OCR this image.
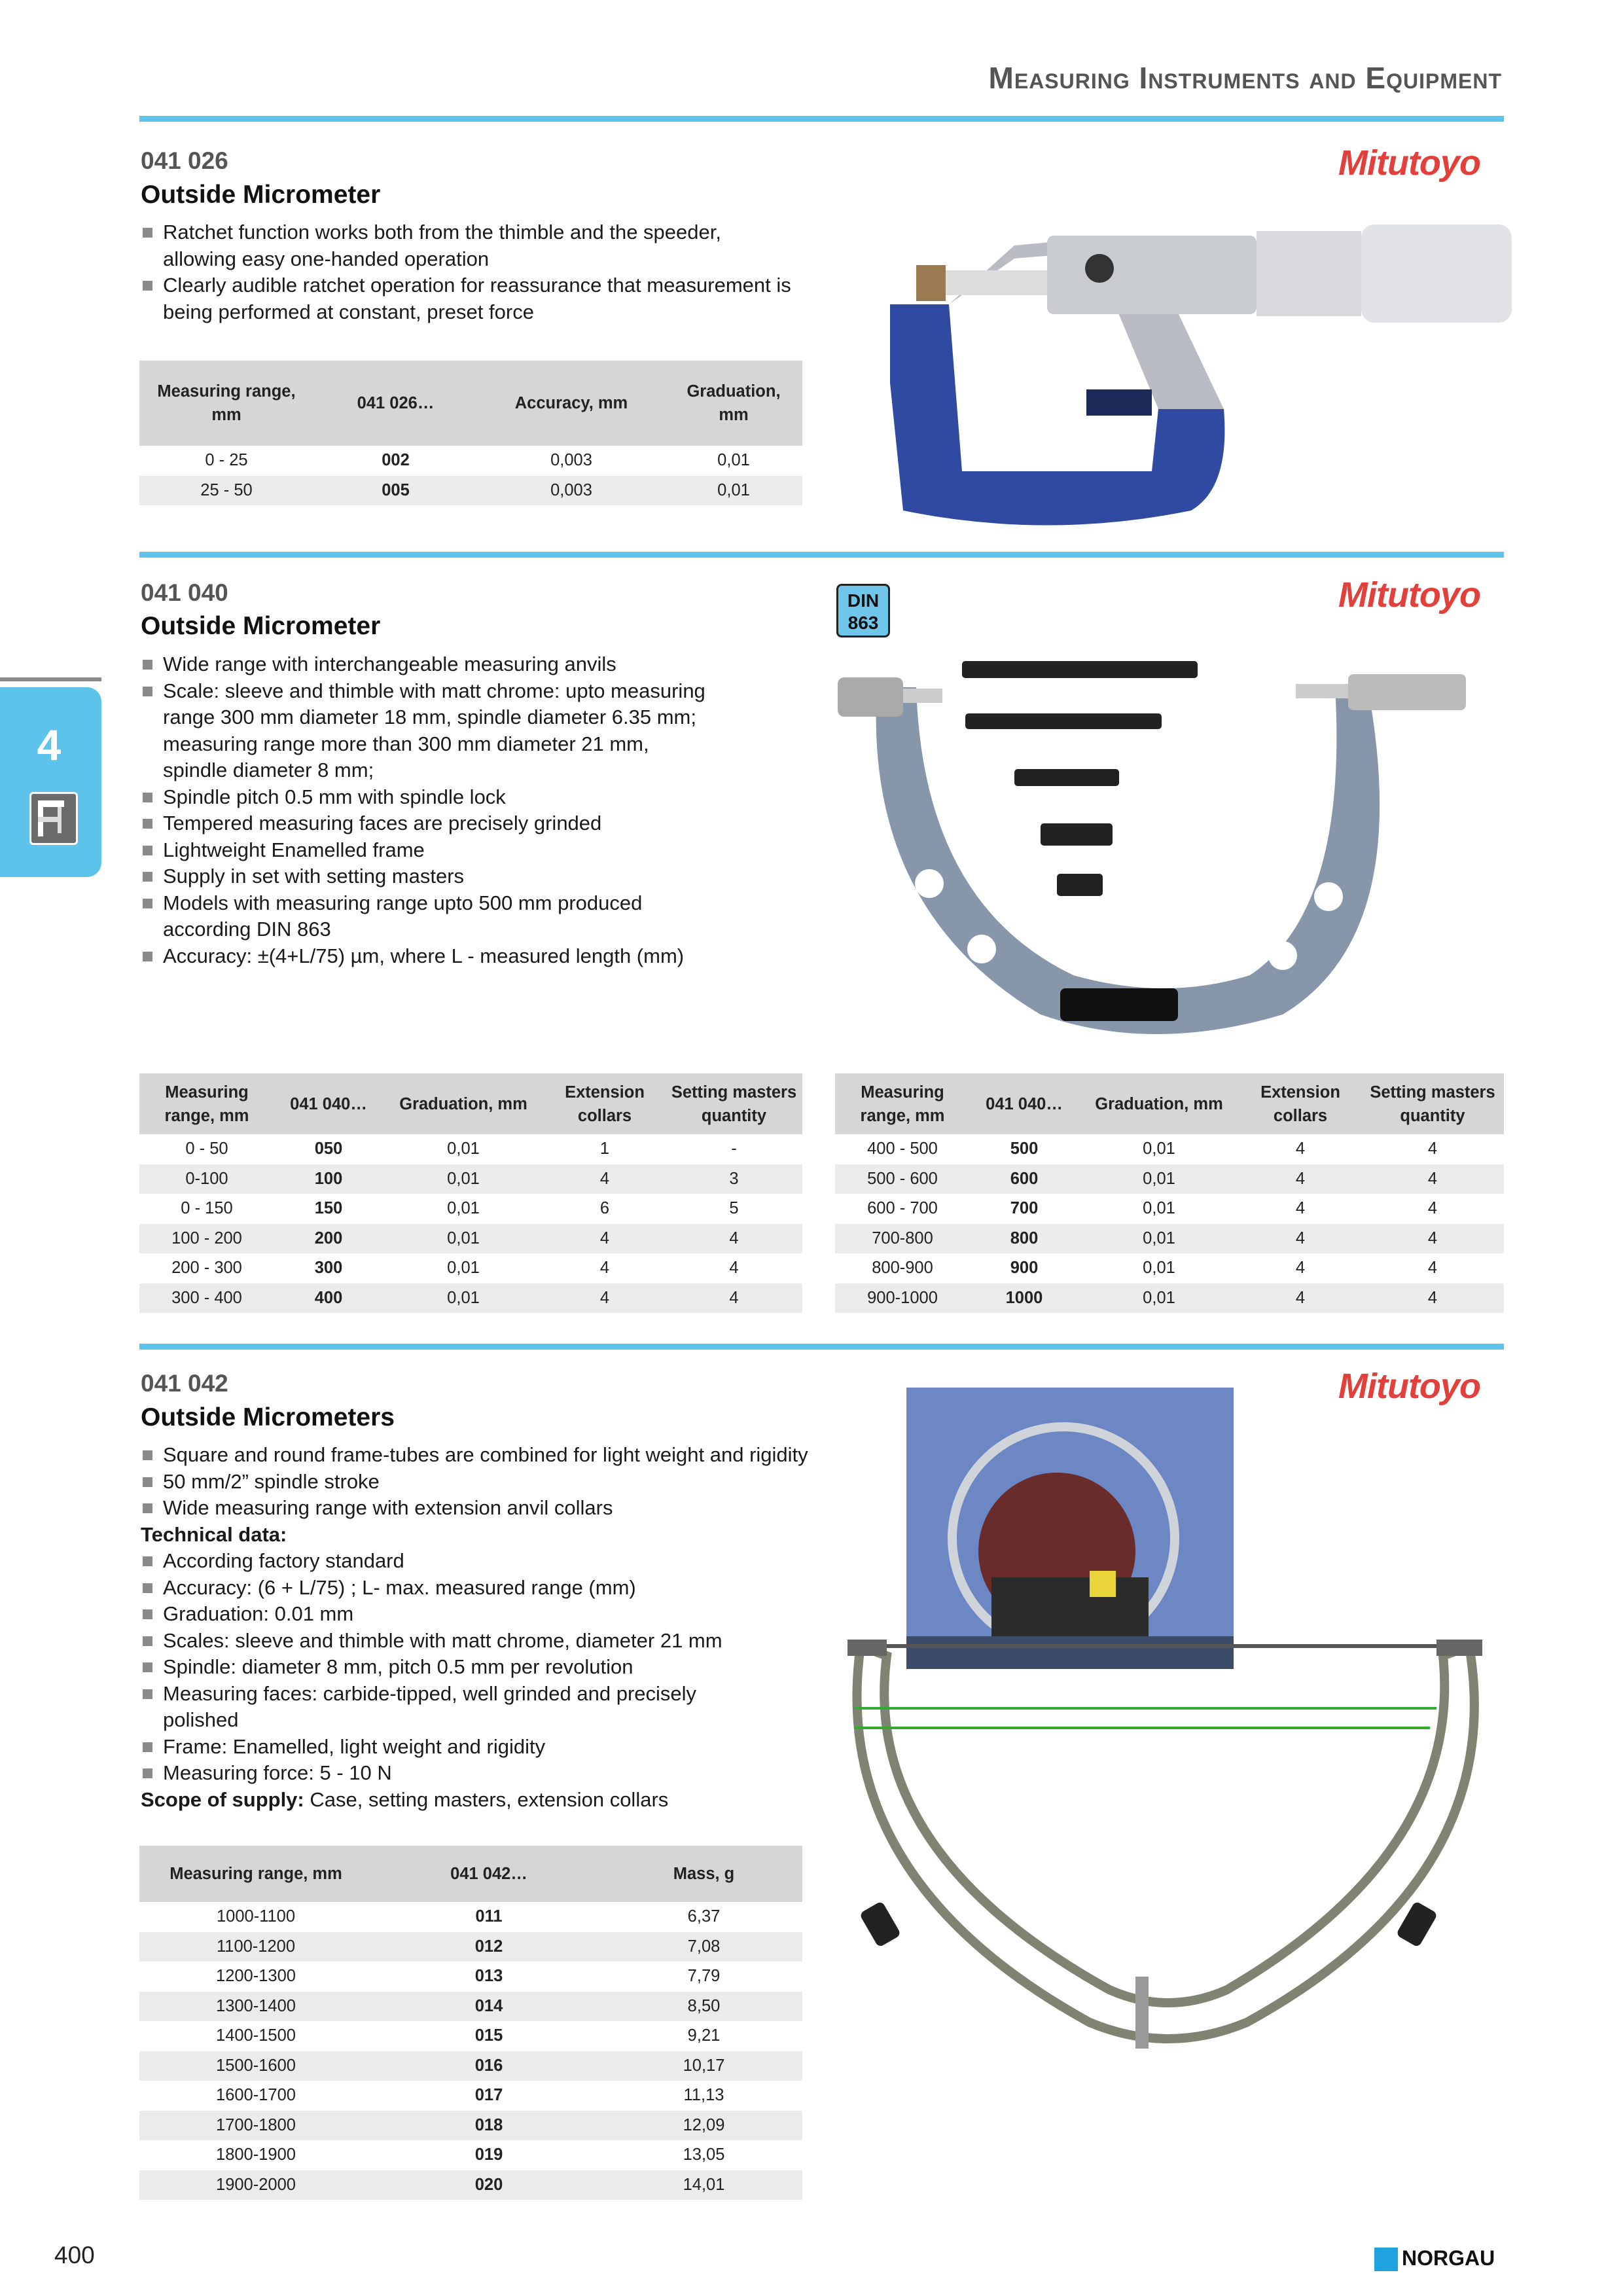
Measuring Instruments and Equipment
4
041 026
Outside Micrometer
Mitutoyo
Ratchet function works both from the thimble and the speeder, allowing easy one-handed operation
Clearly audible ratchet operation for reassurance that measurement is being performed at constant, preset force
Measuring range, mm	041 026…	Accuracy, mm	Graduation, mm
0 - 25	002	0,003	0,01
25 - 50	005	0,003	0,01
041 040
Outside Micrometer
DIN
863
Mitutoyo
Wide range with interchangeable measuring anvils
Scale: sleeve and thimble with matt chrome: upto measuring range 300 mm diameter 18 mm, spindle diameter 6.35 mm; measuring range more than 300 mm diameter 21 mm, spindle diameter 8 mm;
Spindle pitch 0.5 mm with spindle lock
Tempered measuring faces are precisely grinded
Lightweight Enamelled frame
Supply in set with setting masters
Models with measuring range upto 500 mm produced according DIN 863
Accuracy: ±(4+L/75) µm, where L - measured length (mm)
Measuring range, mm	041 040…	Graduation, mm	Extension collars	Setting masters quantity
0 - 50	050	0,01	1	-
0-100	100	0,01	4	3
0 - 150	150	0,01	6	5
100 - 200	200	0,01	4	4
200 - 300	300	0,01	4	4
300 - 400	400	0,01	4	4
Measuring range, mm	041 040…	Graduation, mm	Extension collars	Setting masters quantity
400 - 500	500	0,01	4	4
500 - 600	600	0,01	4	4
600 - 700	700	0,01	4	4
700-800	800	0,01	4	4
800-900	900	0,01	4	4
900-1000	1000	0,01	4	4
041 042
Outside Micrometers
Mitutoyo
Square and round frame-tubes are combined for light weight and rigidity
50 mm/2” spindle stroke
Wide measuring range with extension anvil collars
Technical data:
According factory standard
Accuracy: (6 + L/75) ; L- max. measured range (mm)
Graduation: 0.01 mm
Scales: sleeve and thimble with matt chrome, diameter 21 mm
Spindle: diameter 8 mm, pitch 0.5 mm per revolution
Measuring faces: carbide-tipped, well grinded and precisely polished
Frame: Enamelled, light weight and rigidity
Measuring force: 5 - 10 N
Scope of supply: Case, setting masters, extension collars
Measuring range, mm	041 042…	Mass, g
1000-1100	011	6,37
1100-1200	012	7,08
1200-1300	013	7,79
1300-1400	014	8,50
1400-1500	015	9,21
1500-1600	016	10,17
1600-1700	017	11,13
1700-1800	018	12,09
1800-1900	019	13,05
1900-2000	020	14,01
400	NORGAU
